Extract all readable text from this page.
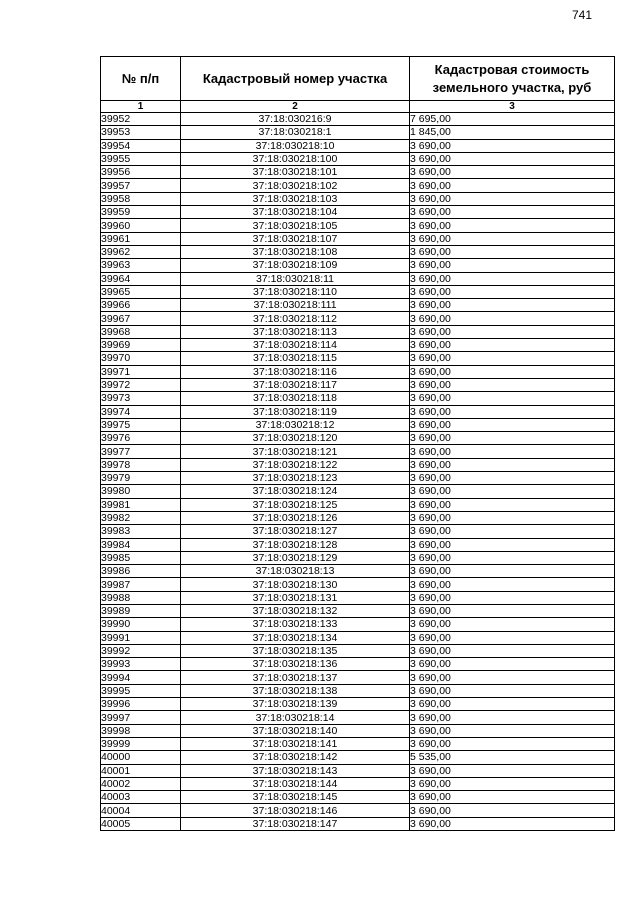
741
№ п/п	Кадастровый номер участка	Кадастровая стоимость
земельного участка, руб
1	2	3
39952	37:18:030216:9	7 695,00
39953	37:18:030218:1	1 845,00
39954	37:18:030218:10	3 690,00
39955	37:18:030218:100	3 690,00
39956	37:18:030218:101	3 690,00
39957	37:18:030218:102	3 690,00
39958	37:18:030218:103	3 690,00
39959	37:18:030218:104	3 690,00
39960	37:18:030218:105	3 690,00
39961	37:18:030218:107	3 690,00
39962	37:18:030218:108	3 690,00
39963	37:18:030218:109	3 690,00
39964	37:18:030218:11	3 690,00
39965	37:18:030218:110	3 690,00
39966	37:18:030218:111	3 690,00
39967	37:18:030218:112	3 690,00
39968	37:18:030218:113	3 690,00
39969	37:18:030218:114	3 690,00
39970	37:18:030218:115	3 690,00
39971	37:18:030218:116	3 690,00
39972	37:18:030218:117	3 690,00
39973	37:18:030218:118	3 690,00
39974	37:18:030218:119	3 690,00
39975	37:18:030218:12	3 690,00
39976	37:18:030218:120	3 690,00
39977	37:18:030218:121	3 690,00
39978	37:18:030218:122	3 690,00
39979	37:18:030218:123	3 690,00
39980	37:18:030218:124	3 690,00
39981	37:18:030218:125	3 690,00
39982	37:18:030218:126	3 690,00
39983	37:18:030218:127	3 690,00
39984	37:18:030218:128	3 690,00
39985	37:18:030218:129	3 690,00
39986	37:18:030218:13	3 690,00
39987	37:18:030218:130	3 690,00
39988	37:18:030218:131	3 690,00
39989	37:18:030218:132	3 690,00
39990	37:18:030218:133	3 690,00
39991	37:18:030218:134	3 690,00
39992	37:18:030218:135	3 690,00
39993	37:18:030218:136	3 690,00
39994	37:18:030218:137	3 690,00
39995	37:18:030218:138	3 690,00
39996	37:18:030218:139	3 690,00
39997	37:18:030218:14	3 690,00
39998	37:18:030218:140	3 690,00
39999	37:18:030218:141	3 690,00
40000	37:18:030218:142	5 535,00
40001	37:18:030218:143	3 690,00
40002	37:18:030218:144	3 690,00
40003	37:18:030218:145	3 690,00
40004	37:18:030218:146	3 690,00
40005	37:18:030218:147	3 690,00
